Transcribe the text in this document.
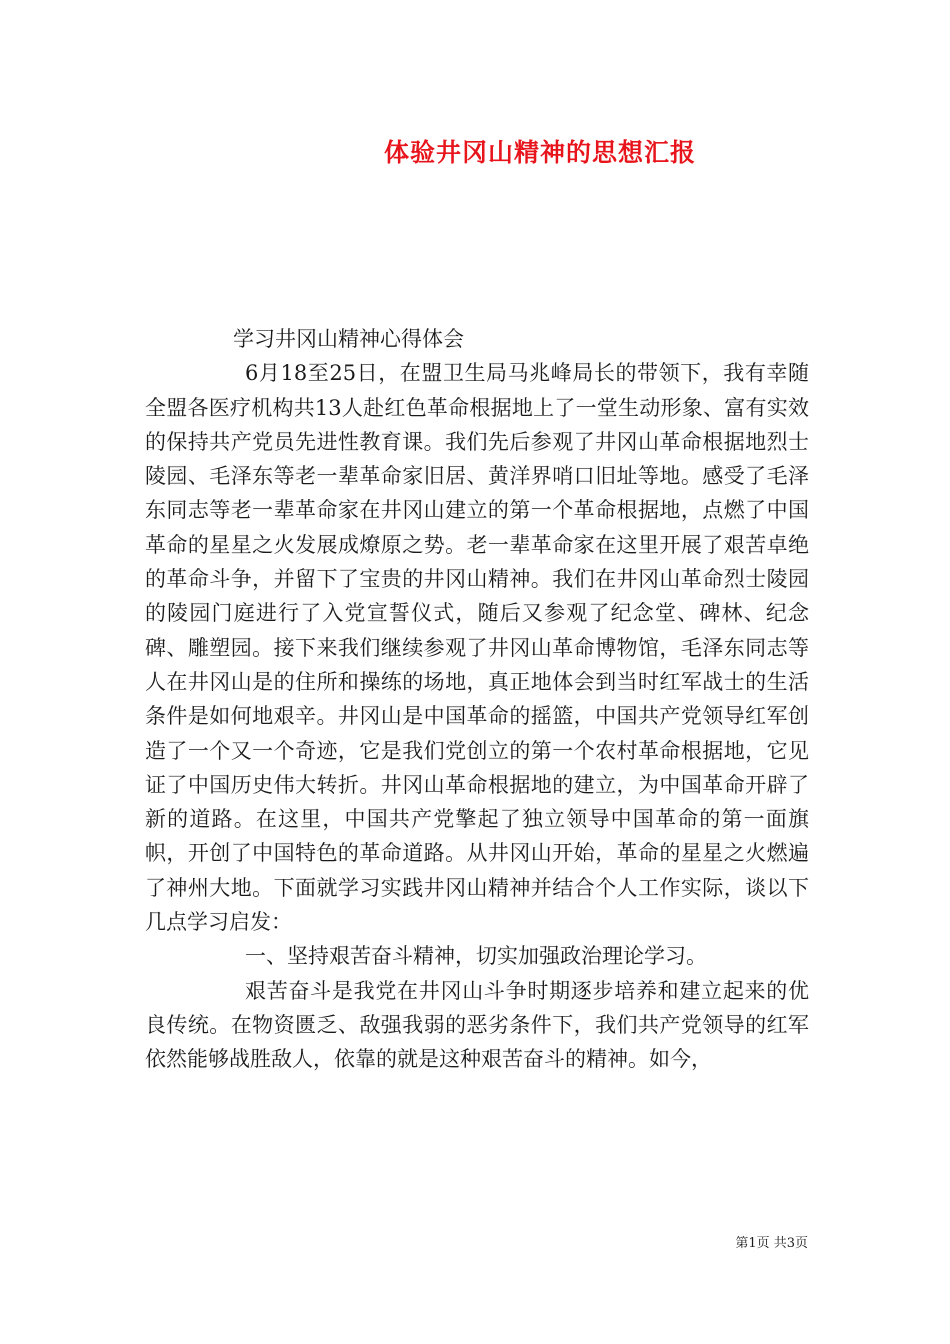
体验井冈山精神的思想汇报

学习井冈山精神心得体会

6月18至25日，在盟卫生局马兆峰局长的带领下，我有幸随全盟各医疗机构共13人赴红色革命根据地上了一堂生动形象、富有实效的保持共产党员先进性教育课。我们先后参观了井冈山革命根据地烈士陵园、毛泽东等老一辈革命家旧居、黄洋界哨口旧址等地。感受了毛泽东同志等老一辈革命家在井冈山建立的第一个革命根据地，点燃了中国革命的星星之火发展成燎原之势。老一辈革命家在这里开展了艰苦卓绝的革命斗争，并留下了宝贵的井冈山精神。我们在井冈山革命烈士陵园的陵园门庭进行了入党宣誓仪式，随后又参观了纪念堂、碑林、纪念碑、雕塑园。接下来我们继续参观了井冈山革命博物馆，毛泽东同志等人在井冈山是的住所和操练的场地，真正地体会到当时红军战士的生活条件是如何地艰辛。井冈山是中国革命的摇篮，中国共产党领导红军创造了一个又一个奇迹，它是我们党创立的第一个农村革命根据地，它见证了中国历史伟大转折。井冈山革命根据地的建立，为中国革命开辟了新的道路。在这里，中国共产党擎起了独立领导中国革命的第一面旗帜，开创了中国特色的革命道路。从井冈山开始，革命的星星之火燃遍了神州大地。下面就学习实践井冈山精神并结合个人工作实际，谈以下几点学习启发：

一、坚持艰苦奋斗精神，切实加强政治理论学习。

艰苦奋斗是我党在井冈山斗争时期逐步培养和建立起来的优良传统。在物资匮乏、敌强我弱的恶劣条件下，我们共产党领导的红军依然能够战胜敌人，依靠的就是这种艰苦奋斗的精神。如今，

第1页 共3页
